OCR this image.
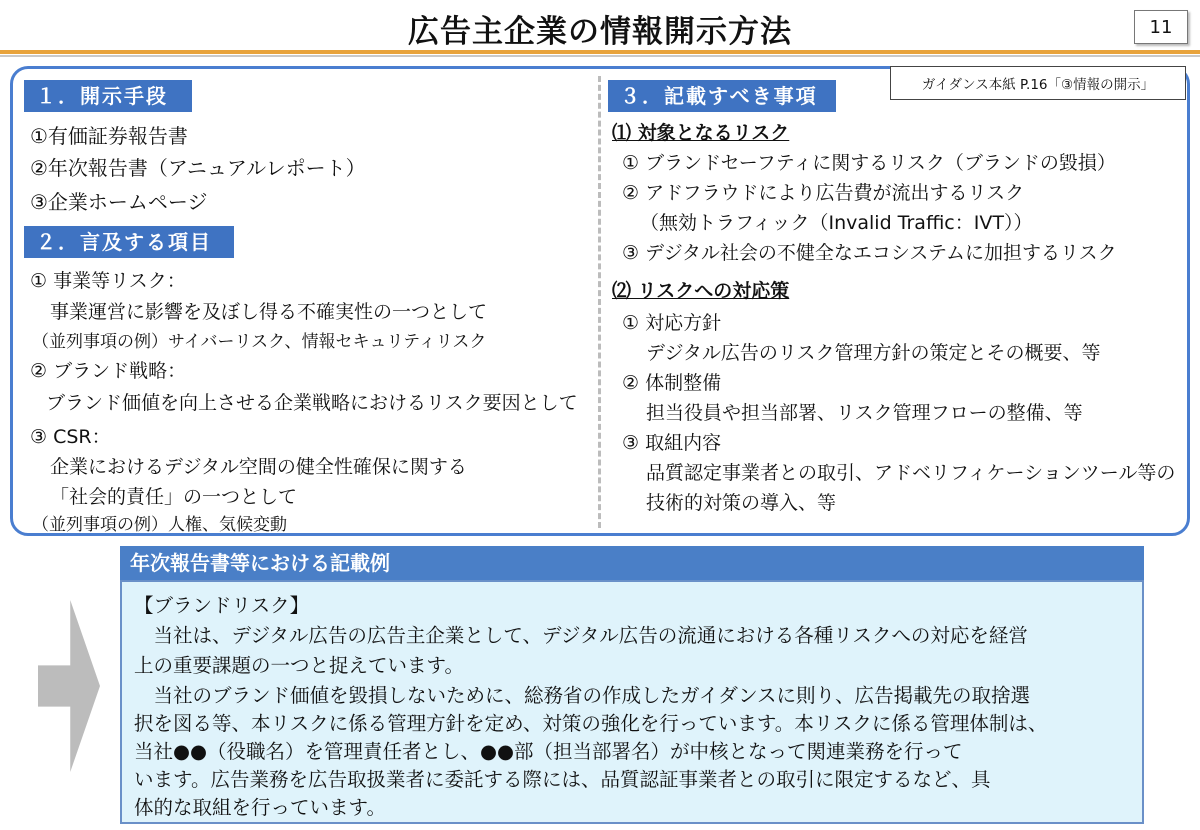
広告主企業の情報開示方法	11
ガイダンス本紙 P.16「③情報の開示」
１．開示手段
①有価証券報告書
②年次報告書（アニュアルレポート）
③企業ホームページ
２．言及する項目
① 事業等リスク：
事業運営に影響を及ぼし得る不確実性の一つとして
（並列事項の例）サイバーリスク、情報セキュリティリスク
② ブランド戦略：
ブランド価値を向上させる企業戦略におけるリスク要因として
③ CSR：
企業におけるデジタル空間の健全性確保に関する
「社会的責任」の一つとして
（並列事項の例）人権、気候変動
３．記載すべき事項
⑴ 対象となるリスク
① ブランドセーフティに関するリスク（ブランドの毀損）
② アドフラウドにより広告費が流出するリスク
（無効トラフィック（Invalid Traffic：IVT））
③ デジタル社会の不健全なエコシステムに加担するリスク
⑵ リスクへの対応策
① 対応方針
デジタル広告のリスク管理方針の策定とその概要、等
② 体制整備
担当役員や担当部署、リスク管理フローの整備、等
③ 取組内容
品質認定事業者との取引、アドベリフィケーションツール等の
技術的対策の導入、等
年次報告書等における記載例
【ブランドリスク】
　当社は、デジタル広告の広告主企業として、デジタル広告の流通における各種リスクへの対応を経営
上の重要課題の一つと捉えています。
　当社のブランド価値を毀損しないために、総務省の作成したガイダンスに則り、広告掲載先の取捨選
択を図る等、本リスクに係る管理方針を定め、対策の強化を行っています。本リスクに係る管理体制は、
当社●●（役職名）を管理責任者とし、●●部（担当部署名）が中核となって関連業務を行って
います。広告業務を広告取扱業者に委託する際には、品質認証事業者との取引に限定するなど、具
体的な取組を行っています。
